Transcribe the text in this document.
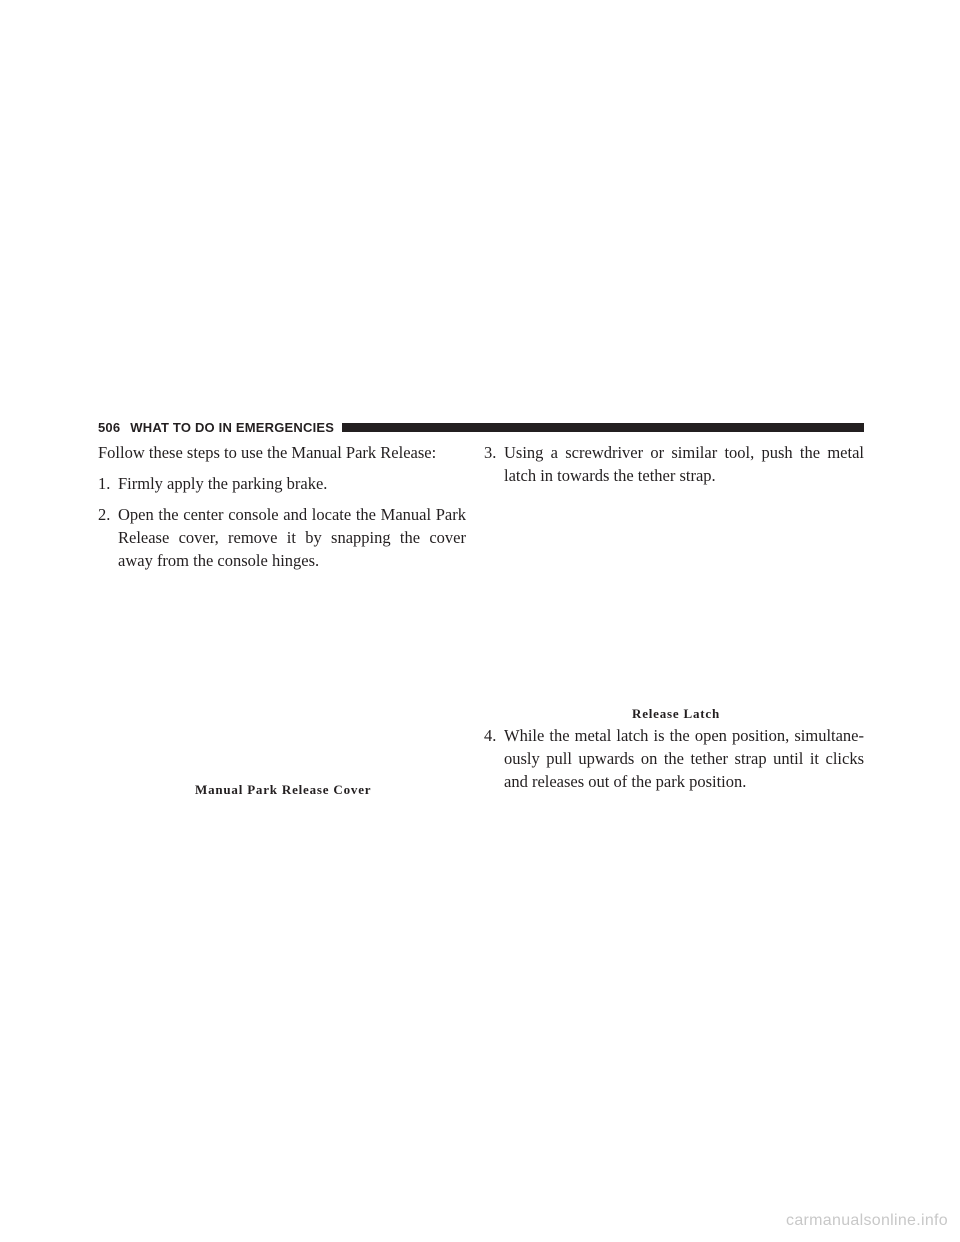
506 WHAT TO DO IN EMERGENCIES

Follow these steps to use the Manual Park Release:

1. Firmly apply the parking brake.
2. Open the center console and locate the Manual Park Release cover, remove it by snapping the cover away from the console hinges.
Manual Park Release Cover
3. Using a screwdriver or similar tool, push the metal latch in towards the tether strap.
Release Latch
4. While the metal latch is the open position, simultane-ously pull upwards on the tether strap until it clicks and releases out of the park position.
carmanualsonline.info
